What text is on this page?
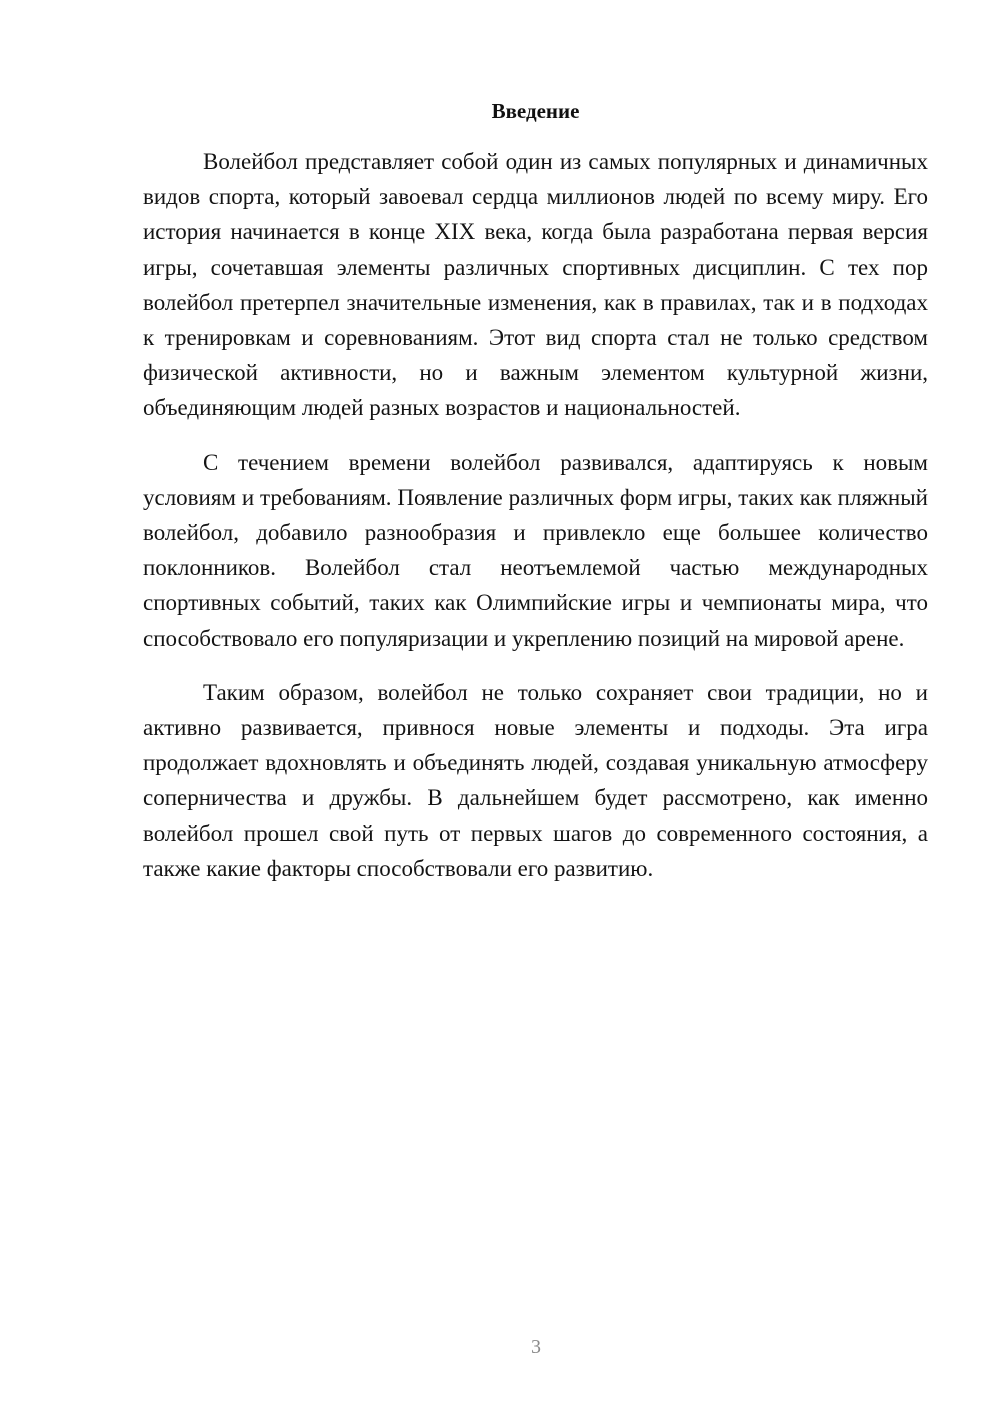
Введение

Волейбол представляет собой один из самых популярных и динамичных видов спорта, который завоевал сердца миллионов людей по всему миру. Его история начинается в конце XIX века, когда была разработана первая версия игры, сочетавшая элементы различных спортивных дисциплин. С тех пор волейбол претерпел значительные изменения, как в правилах, так и в подходах к тренировкам и соревнованиям. Этот вид спорта стал не только средством физической активности, но и важным элементом культурной жизни, объединяющим людей разных возрастов и национальностей.

С течением времени волейбол развивался, адаптируясь к новым условиям и требованиям. Появление различных форм игры, таких как пляжный волейбол, добавило разнообразия и привлекло еще большее количество поклонников. Волейбол стал неотъемлемой частью международных спортивных событий, таких как Олимпийские игры и чемпионаты мира, что способствовало его популяризации и укреплению позиций на мировой арене.

Таким образом, волейбол не только сохраняет свои традиции, но и активно развивается, привнося новые элементы и подходы. Эта игра продолжает вдохновлять и объединять людей, создавая уникальную атмосферу соперничества и дружбы. В дальнейшем будет рассмотрено, как именно волейбол прошел свой путь от первых шагов до современного состояния, а также какие факторы способствовали его развитию.

3
